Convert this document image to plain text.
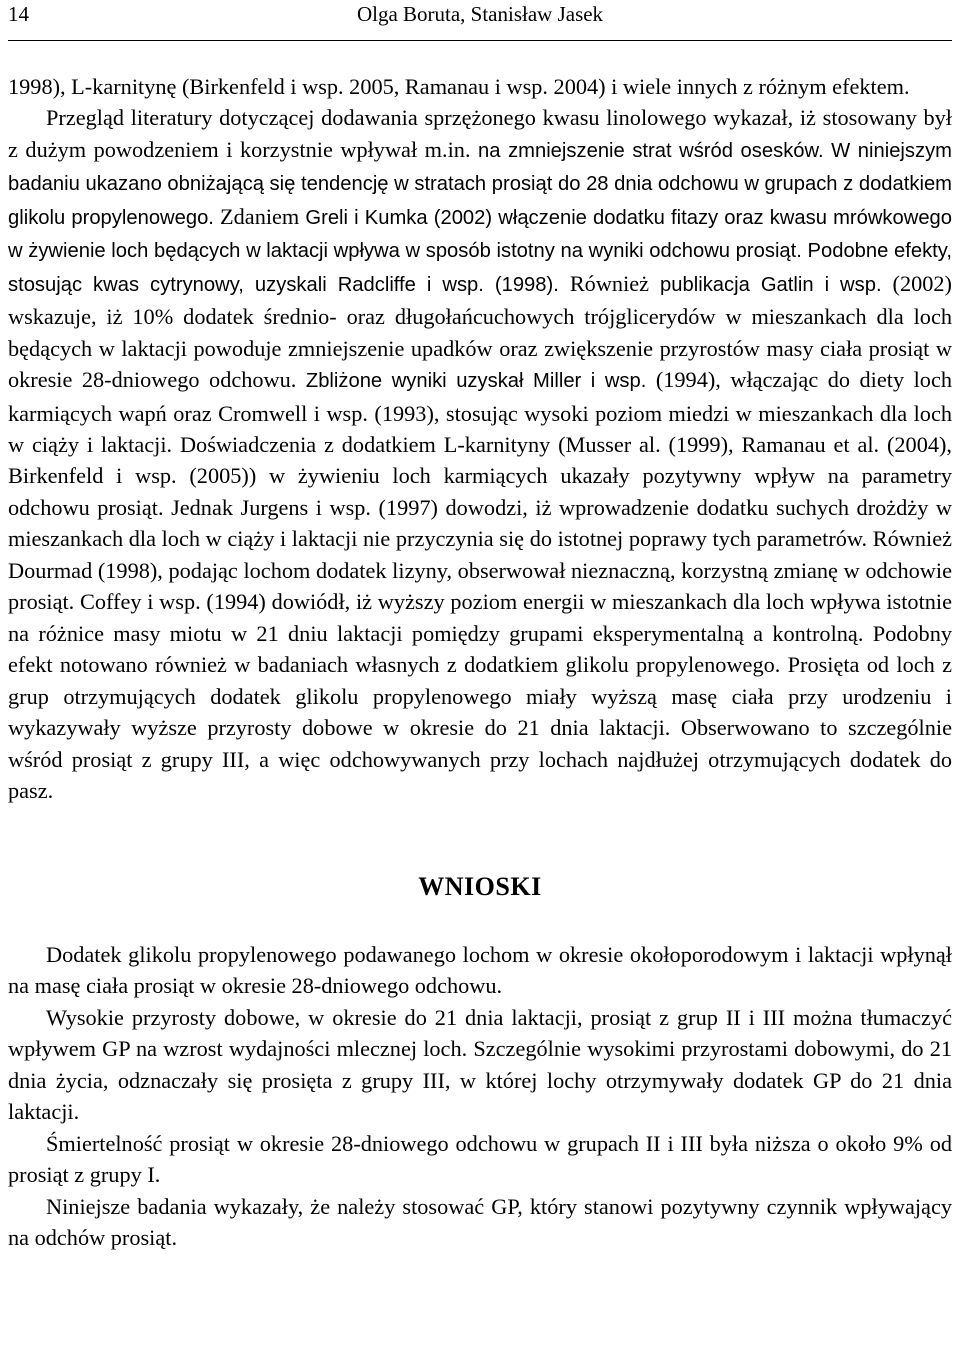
14	Olga Boruta, Stanisław Jasek

1998), L-karnitynę (Birkenfeld i wsp. 2005, Ramanau i wsp. 2004) i wiele innych z różnym efektem.

Przegląd literatury dotyczącej dodawania sprzężonego kwasu linolowego wykazał, iż stosowany był z dużym powodzeniem i korzystnie wpływał m.in. na zmniejszenie strat wśród osesków. W niniejszym badaniu ukazano obniżającą się tendencję w stratach prosiąt do 28 dnia odchowu w grupach z dodatkiem glikolu propylenowego. Zdaniem Greli i Kumka (2002) włączenie dodatku fitazy oraz kwasu mrówkowego w żywienie loch będących w laktacji wpływa w sposób istotny na wyniki odchowu prosiąt. Podobne efekty, stosując kwas cytrynowy, uzyskali Radcliffe i wsp. (1998). Również publikacja Gatlin i wsp. (2002) wskazuje, iż 10% dodatek średnio- oraz długołańcuchowych trójglicerydów w mieszankach dla loch będących w laktacji powoduje zmniejszenie upadków oraz zwiększenie przyrostów masy ciała prosiąt w okresie 28-dniowego odchowu. Zbliżone wyniki uzyskał Miller i wsp. (1994), włączając do diety loch karmiących wapń oraz Cromwell i wsp. (1993), stosując wysoki poziom miedzi w mieszankach dla loch w ciąży i laktacji. Doświadczenia z dodatkiem L-karnityny (Musser al. (1999), Ramanau et al. (2004), Birkenfeld i wsp. (2005)) w żywieniu loch karmiących ukazały pozytywny wpływ na parametry odchowu prosiąt. Jednak Jurgens i wsp. (1997) dowodzi, iż wprowadzenie dodatku suchych drożdży w mieszankach dla loch w ciąży i laktacji nie przyczynia się do istotnej poprawy tych parametrów. Również Dourmad (1998), podając lochom dodatek lizyny, obserwował nieznaczną, korzystną zmianę w odchowie prosiąt. Coffey i wsp. (1994) dowiódł, iż wyższy poziom energii w mieszankach dla loch wpływa istotnie na różnice masy miotu w 21 dniu laktacji pomiędzy grupami eksperymentalną a kontrolną. Podobny efekt notowano również w badaniach własnych z dodatkiem glikolu propylenowego. Prosięta od loch z grup otrzymujących dodatek glikolu propylenowego miały wyższą masę ciała przy urodzeniu i wykazywały wyższe przyrosty dobowe w okresie do 21 dnia laktacji. Obserwowano to szczególnie wśród prosiąt z grupy III, a więc odchowywanych przy lochach najdłużej otrzymujących dodatek do pasz.

WNIOSKI

Dodatek glikolu propylenowego podawanego lochom w okresie okołoporodowym i laktacji wpłynął na masę ciała prosiąt w okresie 28-dniowego odchowu.

Wysokie przyrosty dobowe, w okresie do 21 dnia laktacji, prosiąt z grup II i III można tłumaczyć wpływem GP na wzrost wydajności mlecznej loch. Szczególnie wysokimi przyrostami dobowymi, do 21 dnia życia, odznaczały się prosięta z grupy III, w której lochy otrzymywały dodatek GP do 21 dnia laktacji.

Śmiertelność prosiąt w okresie 28-dniowego odchowu w grupach II i III była niższa o około 9% od prosiąt z grupy I.

Niniejsze badania wykazały, że należy stosować GP, który stanowi pozytywny czynnik wpływający na odchów prosiąt.
